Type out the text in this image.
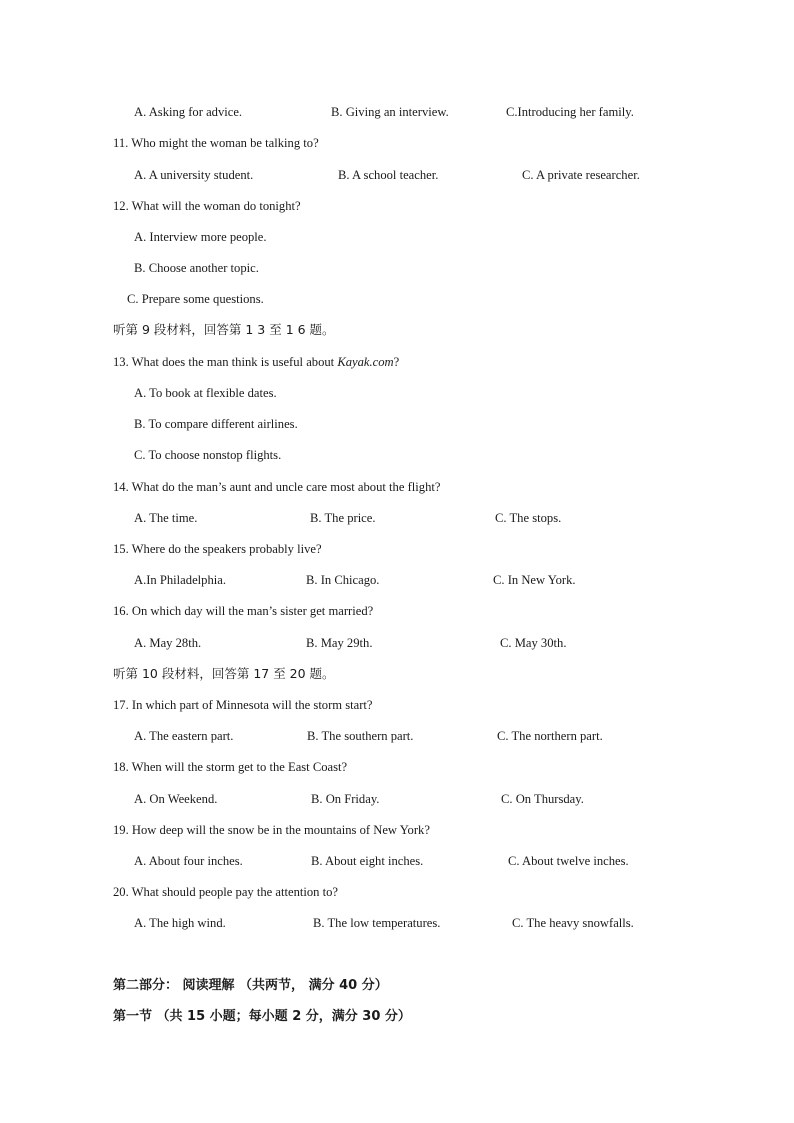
A. Asking for advice.	B. Giving an interview.	C.Introducing her family.
11. Who might the woman be talking to?
A. A university student.	B. A school teacher.	C. A private researcher.
12. What will the woman do tonight?
A. Interview more people.
B. Choose another topic.
C. Prepare some questions.
听第 9 段材料，回答第 1 3 至 1 6 题。
13. What does the man think is useful about Kayak.com?
A. To book at flexible dates.
B. To compare different airlines.
C. To choose nonstop flights.
14. What do the man’s aunt and uncle care most about the flight?
A. The time.	B. The price.	C. The stops.
15. Where do the speakers probably live?
A.In Philadelphia.	B. In Chicago.	C. In New York.
16. On which day will the man’s sister get married?
A. May 28th.	B. May 29th.	C. May 30th.
听第 10 段材料，回答第 17 至 20 题。
17. In which part of Minnesota will the storm start?
A. The eastern part.	B. The southern part.	C. The northern part.
18. When will the storm get to the East Coast?
A. On Weekend.	B. On Friday.	C. On Thursday.
19. How deep will the snow be in the mountains of New York?
A. About four inches.	B. About eight inches.	C. About twelve inches.
20. What should people pay the attention to?
A. The high wind.	B. The low temperatures.	C. The heavy snowfalls.
第二部分： 阅读理解 （共两节， 满分 40 分）
第一节 （共 15 小题；每小题 2 分，满分 30 分）
